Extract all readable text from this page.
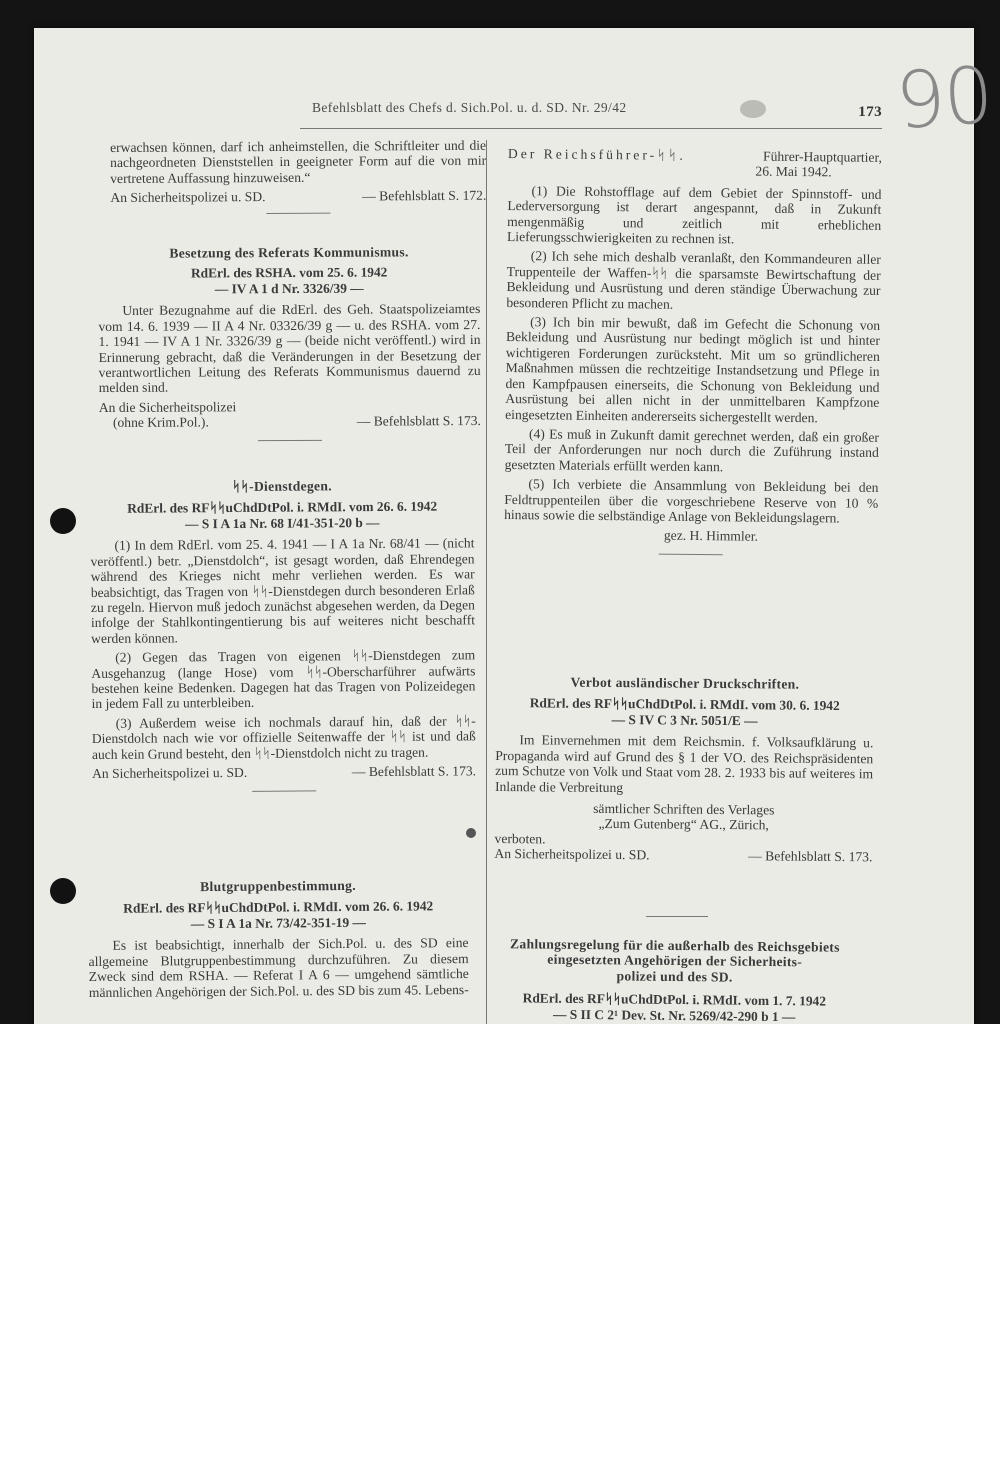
90
Befehlsblatt des Chefs d. Sich.Pol. u. d. SD. Nr. 29/42	173

erwachsen können, darf ich anheimstellen, die Schriftleiter und die nachgeordneten Dienststellen in geeigneter Form auf die von mir vertretene Auffassung hinzuweisen.“

An Sicherheitspolizei u. SD.	— Befehlsblatt S. 172.

Besetzung des Referats Kommunismus.

RdErl. des RSHA. vom 25. 6. 1942

— IV A 1 d Nr. 3326/39 —

Unter Bezugnahme auf die RdErl. des Geh. Staatspolizeiamtes vom 14. 6. 1939 — II A 4 Nr. 03326/39 g — u. des RSHA. vom 27. 1. 1941 — IV A 1 Nr. 3326/39 g — (beide nicht veröffentl.) wird in Erinnerung gebracht, daß die Veränderungen in der Besetzung der verantwortlichen Leitung des Referats Kommunismus dauernd zu melden sind.

An die Sicherheitspolizei

(ohne Krim.Pol.).	— Befehlsblatt S. 173.

ᛋᛋ-Dienstdegen.

RdErl. des RFᛋᛋuChdDtPol. i. RMdI. vom 26. 6. 1942

— S I A 1a Nr. 68 I/41-351-20 b —

(1) In dem RdErl. vom 25. 4. 1941 — I A 1a Nr. 68/41 — (nicht veröffentl.) betr. „Dienstdolch“, ist gesagt worden, daß Ehrendegen während des Krieges nicht mehr verliehen werden. Es war beabsichtigt, das Tragen von ᛋᛋ-Dienstdegen durch besonderen Erlaß zu regeln. Hiervon muß jedoch zunächst abgesehen werden, da Degen infolge der Stahlkontingentierung bis auf weiteres nicht beschafft werden können.

(2) Gegen das Tragen von eigenen ᛋᛋ-Dienstdegen zum Ausgehanzug (lange Hose) vom ᛋᛋ-Oberscharführer aufwärts bestehen keine Bedenken. Dagegen hat das Tragen von Polizeidegen in jedem Fall zu unterbleiben.

(3) Außerdem weise ich nochmals darauf hin, daß der ᛋᛋ-Dienstdolch nach wie vor offizielle Seitenwaffe der ᛋᛋ ist und daß auch kein Grund besteht, den ᛋᛋ-Dienstdolch nicht zu tragen.

An Sicherheitspolizei u. SD.	— Befehlsblatt S. 173.

Blutgruppenbestimmung.

RdErl. des RFᛋᛋuChdDtPol. i. RMdI. vom 26. 6. 1942

— S I A 1a Nr. 73/42-351-19 —

Es ist beabsichtigt, innerhalb der Sich.Pol. u. des SD eine allgemeine Blutgruppenbestimmung durchzuführen. Zu diesem Zweck sind dem RSHA. — Referat I A 6 — umgehend sämtliche männlichen Angehörigen der Sich.Pol. u. des SD bis zum 45. Lebens-

Der Reichsführer-ᛋᛋ.	Führer-Hauptquartier,

26. Mai 1942.

(1) Die Rohstofflage auf dem Gebiet der Spinnstoff- und Lederversorgung ist derart angespannt, daß in Zukunft mengenmäßig und zeitlich mit erheblichen Lieferungsschwierigkeiten zu rechnen ist.

(2) Ich sehe mich deshalb veranlaßt, den Kommandeuren aller Truppenteile der Waffen-ᛋᛋ die sparsamste Bewirtschaftung der Bekleidung und Ausrüstung und deren ständige Überwachung zur besonderen Pflicht zu machen.

(3) Ich bin mir bewußt, daß im Gefecht die Schonung von Bekleidung und Ausrüstung nur bedingt möglich ist und hinter wichtigeren Forderungen zurücksteht. Mit um so gründlicheren Maßnahmen müssen die rechtzeitige Instandsetzung und Pflege in den Kampfpausen einerseits, die Schonung von Bekleidung und Ausrüstung bei allen nicht in der unmittelbaren Kampfzone eingesetzten Einheiten andererseits sichergestellt werden.

(4) Es muß in Zukunft damit gerechnet werden, daß ein großer Teil der Anforderungen nur noch durch die Zuführung instand gesetzten Materials erfüllt werden kann.

(5) Ich verbiete die Ansammlung von Bekleidung bei den Feldtruppenteilen über die vorgeschriebene Reserve von 10 % hinaus sowie die selbständige Anlage von Bekleidungslagern.

gez. H. Himmler.

Verbot ausländischer Druckschriften.

RdErl. des RFᛋᛋuChdDtPol. i. RMdI. vom 30. 6. 1942

— S IV C 3 Nr. 5051/E —

Im Einvernehmen mit dem Reichsmin. f. Volksaufklärung u. Propaganda wird auf Grund des § 1 der VO. des Reichspräsidenten zum Schutze von Volk und Staat vom 28. 2. 1933 bis auf weiteres im Inlande die Verbreitung

sämtlicher Schriften des Verlages

„Zum Gutenberg“ AG., Zürich,

verboten.

An Sicherheitspolizei u. SD.	— Befehlsblatt S. 173.

Zahlungsregelung für die außerhalb des Reichsgebiets eingesetzten Angehörigen der Sicherheits-

polizei und des SD.

RdErl. des RFᛋᛋuChdDtPol. i. RMdI. vom 1. 7. 1942

— S II C 2¹ Dev. St. Nr. 5269/42-290 b 1 —
